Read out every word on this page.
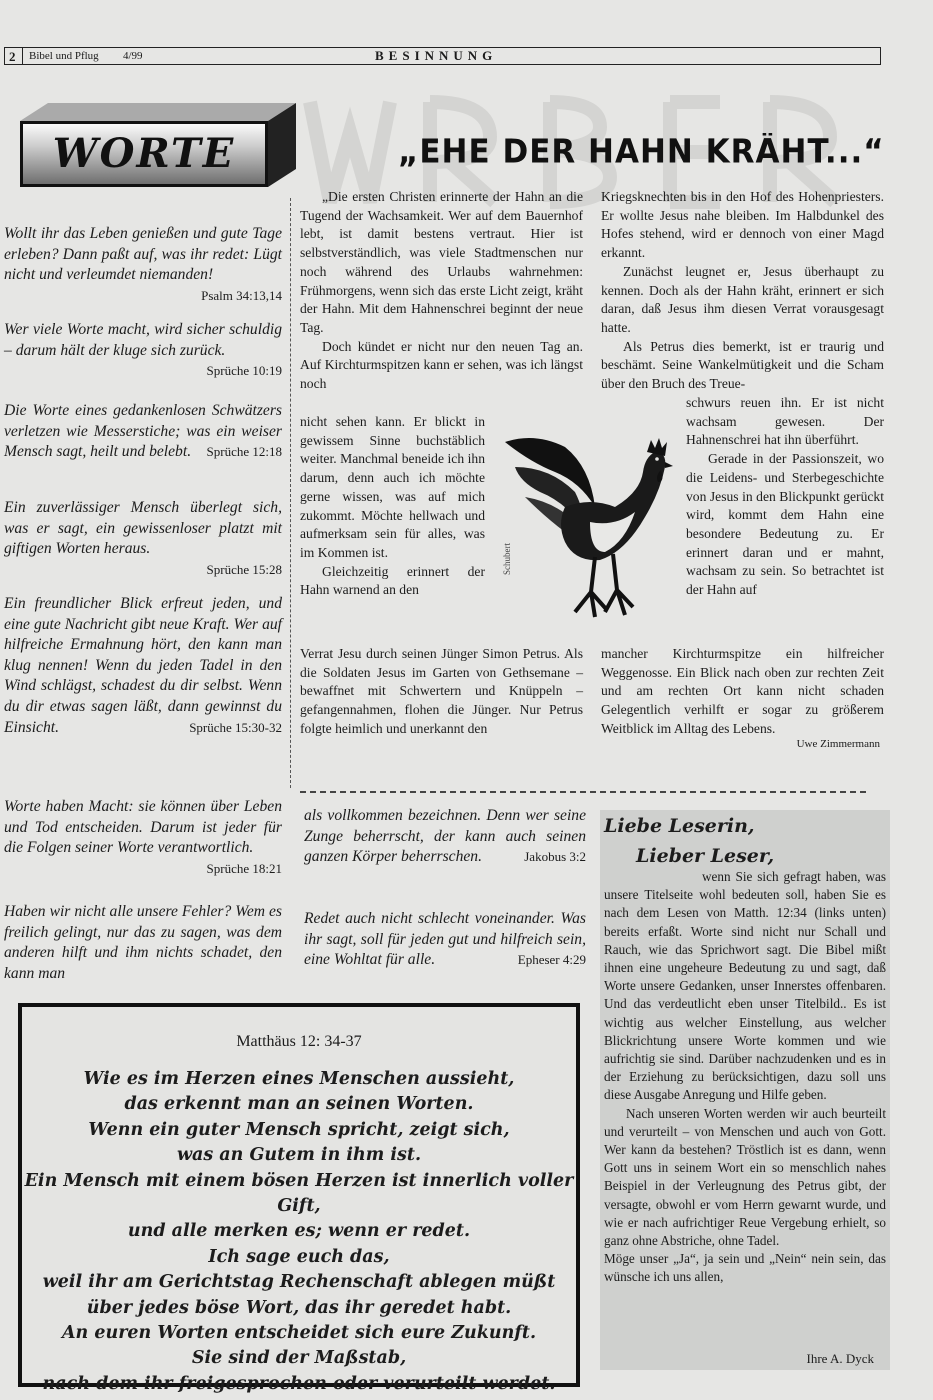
2 Bibel und Pflug 4/99	BESINNUNG
WORTE	„EHE DER HAHN KRÄHT...“
Wollt ihr das Leben genießen und gute Tage erleben? Dann paßt auf, was ihr redet: Lügt nicht und verleumdet niemanden!
Psalm 34:13,14
Wer viele Worte macht, wird sicher schuldig – darum hält der kluge sich zurück.
Sprüche 10:19
Die Worte eines gedankenlosen Schwätzers verletzen wie Messerstiche; was ein weiser Mensch sagt, heilt und belebt. Sprüche 12:18
Ein zuverlässiger Mensch überlegt sich, was er sagt, ein gewissenloser platzt mit giftigen Worten heraus.
Sprüche 15:28
Ein freundlicher Blick erfreut jeden, und eine gute Nachricht gibt neue Kraft. Wer auf hilfreiche Ermahnung hört, den kann man klug nennen! Wenn du jeden Tadel in den Wind schlägst, schadest du dir selbst. Wenn du dir etwas sagen läßt, dann gewinnst du Einsicht.	Sprüche 15:30-32
Worte haben Macht: sie können über Leben und Tod entscheiden. Darum ist jeder für die Folgen seiner Worte verantwortlich.
Sprüche 18:21
Haben wir nicht alle unsere Fehler? Wem es freilich gelingt, nur das zu sagen, was dem anderen hilft und ihm nichts schadet, den kann man

„Die ersten Christen erinnerte der Hahn an die Tugend der Wachsamkeit. Wer auf dem Bauernhof lebt, ist damit bestens vertraut. Hier ist selbstverständlich, was viele Stadtmenschen nur noch während des Urlaubs wahrnehmen: Frühmorgens, wenn sich das erste Licht zeigt, kräht der Hahn. Mit dem Hahnenschrei beginnt der neue Tag.

Doch kündet er nicht nur den neuen Tag an. Auf Kirchturmspitzen kann er sehen, was ich längst noch

nicht sehen kann. Er blickt in gewissem Sinne buchstäblich weiter. Manchmal beneide ich ihn darum, denn auch ich möchte gerne wissen, was auf mich zukommt. Möchte hellwach und aufmerksam sein für alles, was im Kommen ist.

Gleichzeitig erinnert der Hahn warnend an den

Verrat Jesu durch seinen Jünger Simon Petrus. Als die Soldaten Jesus im Garten von Gethsemane – bewaffnet mit Schwertern und Knüppeln – gefangennahmen, flohen die Jünger. Nur Petrus folgte heimlich und unerkannt den

Kriegsknechten bis in den Hof des Hohenpriesters. Er wollte Jesus nahe bleiben. Im Halbdunkel des Hofes stehend, wird er dennoch von einer Magd erkannt.

Zunächst leugnet er, Jesus überhaupt zu kennen. Doch als der Hahn kräht, erinnert er sich daran, daß Jesus ihm diesen Verrat vorausgesagt hatte.

Als Petrus dies bemerkt, ist er traurig und beschämt. Seine Wankelmütigkeit und die Scham über den Bruch des Treue-

schwurs reuen ihn. Er ist nicht wachsam gewesen. Der Hahnenschrei hat ihn überführt.

Gerade in der Passionszeit, wo die Leidens- und Sterbegeschichte von Jesus in den Blickpunkt gerückt wird, kommt dem Hahn eine besondere Bedeutung zu. Er erinnert daran und er mahnt, wachsam zu sein. So betrachtet ist der Hahn auf

mancher Kirchturmspitze ein hilfreicher Weggenosse. Ein Blick nach oben zur rechten Zeit und am rechten Ort kann nicht schaden Gelegentlich verhilft er sogar zu größerem Weitblick im Alltag des Lebens.

Uwe Zimmermann
Schubert
als vollkommen bezeichnen. Denn wer seine Zunge beherrscht, der kann auch seinen ganzen Körper beherrschen.	Jakobus 3:2
Redet auch nicht schlecht voneinander. Was ihr sagt, soll für jeden gut und hilfreich sein, eine Wohltat für alle.	Epheser 4:29
Matthäus 12: 34-37
Wie es im Herzen eines Menschen aussieht,
das erkennt man an seinen Worten.
Wenn ein guter Mensch spricht, zeigt sich,
was an Gutem in ihm ist.
Ein Mensch mit einem bösen Herzen ist innerlich voller Gift,
und alle merken es; wenn er redet.
Ich sage euch das,
weil ihr am Gerichtstag Rechenschaft ablegen müßt
über jedes böse Wort, das ihr geredet habt.
An euren Worten entscheidet sich eure Zukunft.
Sie sind der Maßstab,
nach dem ihr freigesprochen oder verurteilt werdet.
Liebe Leserin,
Lieber Leser,

wenn Sie sich gefragt haben, was unsere Titelseite wohl bedeuten soll, haben Sie es nach dem Lesen von Matth. 12:34 (links unten) bereits erfaßt. Worte sind nicht nur Schall und Rauch, wie das Sprichwort sagt. Die Bibel mißt ihnen eine ungeheure Bedeutung zu und sagt, daß Worte unsere Gedanken, unser Innerstes offenbaren. Und das verdeutlicht eben unser Titelbild.. Es ist wichtig aus welcher Einstellung, aus welcher Blickrichtung unsere Worte kommen und wie aufrichtig sie sind. Darüber nachzudenken und es in der Erziehung zu berücksichtigen, dazu soll uns diese Ausgabe Anregung und Hilfe geben.

Nach unseren Worten werden wir auch beurteilt und verurteilt – von Menschen und auch von Gott. Wer kann da bestehen? Tröstlich ist es dann, wenn Gott uns in seinem Wort ein so menschlich nahes Beispiel in der Verleugnung des Petrus gibt, der versagte, obwohl er vom Herrn gewarnt wurde, und wie er nach aufrichtiger Reue Vergebung erhielt, so ganz ohne Abstriche, ohne Tadel.

Möge unser „Ja“, ja sein und „Nein“ nein sein, das wünsche ich uns allen,

Ihre A. Dyck
